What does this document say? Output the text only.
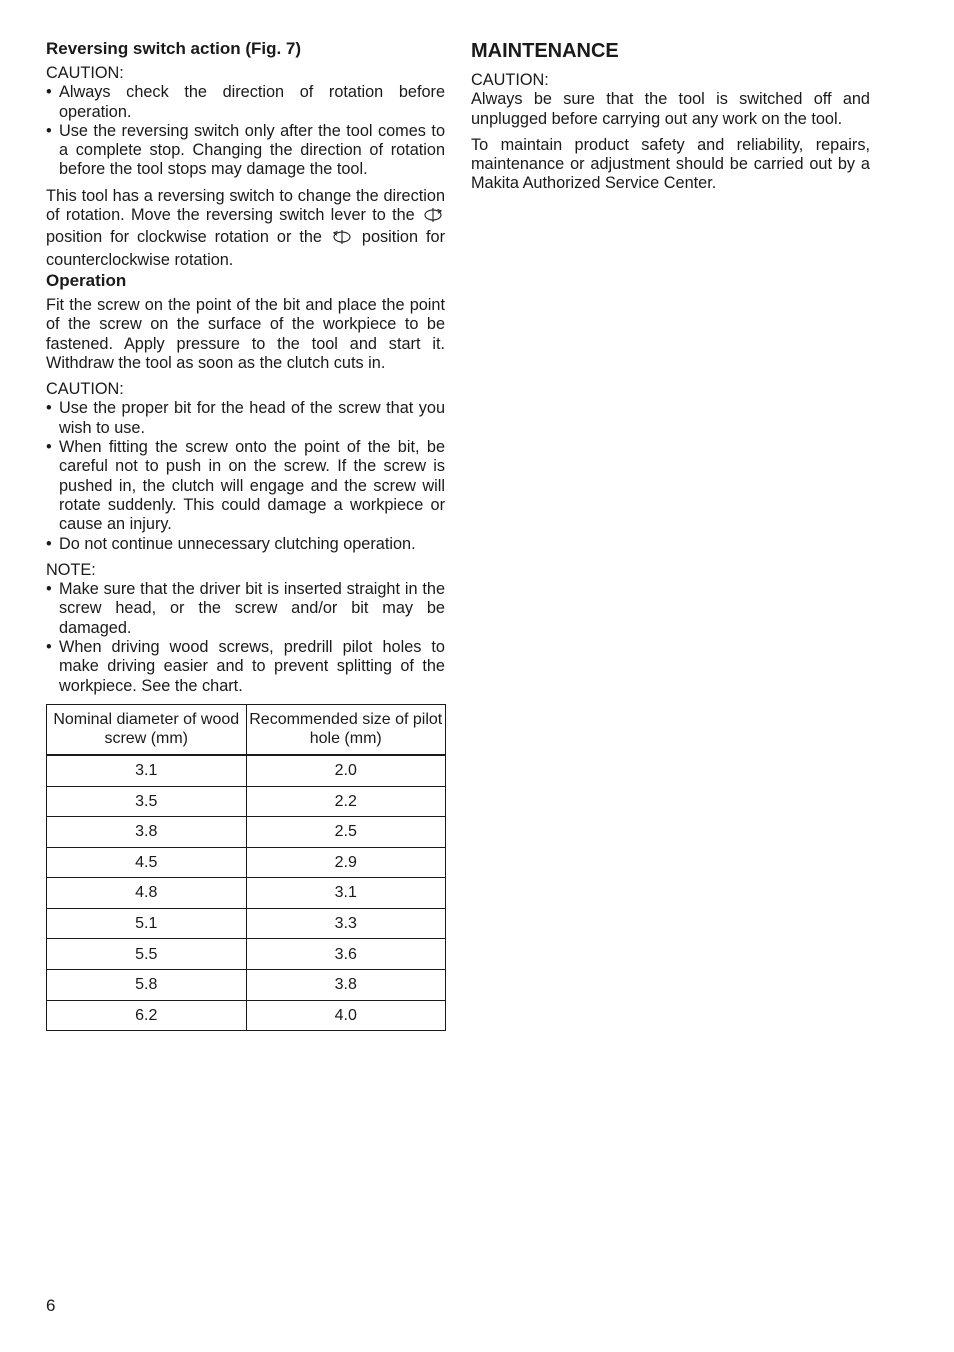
Reversing switch action (Fig. 7)
CAUTION:
• Always check the direction of rotation before operation.
• Use the reversing switch only after the tool comes to a complete stop. Changing the direction of rotation before the tool stops may damage the tool.

This tool has a reversing switch to change the direction of rotation. Move the reversing switch lever to the  position for clockwise rotation or the position for counterclockwise rotation.

Operation

Fit the screw on the point of the bit and place the point of the screw on the surface of the workpiece to be fastened. Apply pressure to the tool and start it. Withdraw the tool as soon as the clutch cuts in.

CAUTION:
• Use the proper bit for the head of the screw that you wish to use.
• When fitting the screw onto the point of the bit, be careful not to push in on the screw. If the screw is pushed in, the clutch will engage and the screw will rotate suddenly. This could damage a workpiece or cause an injury.
• Do not continue unnecessary clutching operation.
NOTE:
• Make sure that the driver bit is inserted straight in the screw head, or the screw and/or bit may be damaged.
• When driving wood screws, predrill pilot holes to make driving easier and to prevent splitting of the workpiece. See the chart.
Nominal diameter of wood screw (mm)	Recommended size of pilot hole (mm)
3.1	2.0
3.5	2.2
3.8	2.5
4.5	2.9
4.8	3.1
5.1	3.3
5.5	3.6
5.8	3.8
6.2	4.0
MAINTENANCE
CAUTION:

Always be sure that the tool is switched off and unplugged before carrying out any work on the tool.

To maintain product safety and reliability, repairs, maintenance or adjustment should be carried out by a Makita Authorized Service Center.

6
